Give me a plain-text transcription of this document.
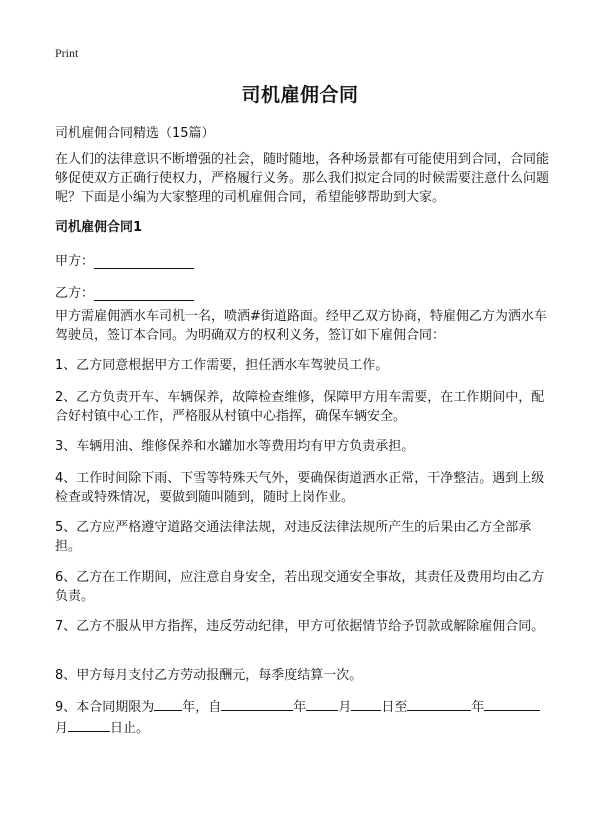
Print
司机雇佣合同
司机雇佣合同精选（15篇）

在人们的法律意识不断增强的社会，随时随地，各种场景都有可能使用到合同，合同能够促使双方正确行使权力，严格履行义务。那么我们拟定合同的时候需要注意什么问题呢？下面是小编为大家整理的司机雇佣合同，希望能够帮助到大家。

司机雇佣合同1
甲方：
乙方：

甲方需雇佣洒水车司机一名，喷洒#街道路面。经甲乙双方协商，特雇佣乙方为洒水车驾驶员，签订本合同。为明确双方的权利义务，签订如下雇佣合同：

1、乙方同意根据甲方工作需要，担任洒水车驾驶员工作。

2、乙方负责开车、车辆保养，故障检查维修，保障甲方用车需要，在工作期间中，配合好村镇中心工作，严格服从村镇中心指挥，确保车辆安全。

3、车辆用油、维修保养和水罐加水等费用均有甲方负责承担。

4、工作时间除下雨、下雪等特殊天气外，要确保街道洒水正常，干净整洁。遇到上级检查或特殊情况，要做到随叫随到，随时上岗作业。

5、乙方应严格遵守道路交通法律法规，对违反法律法规所产生的后果由乙方全部承担。

6、乙方在工作期间，应注意自身安全，若出现交通安全事故，其责任及费用均由乙方负责。

7、乙方不服从甲方指挥，违反劳动纪律，甲方可依据情节给予罚款或解除雇佣合同。

8、甲方每月支付乙方劳动报酬元，每季度结算一次。

9、本合同期限为 年，自	年 月 日至	年
月	日止。
